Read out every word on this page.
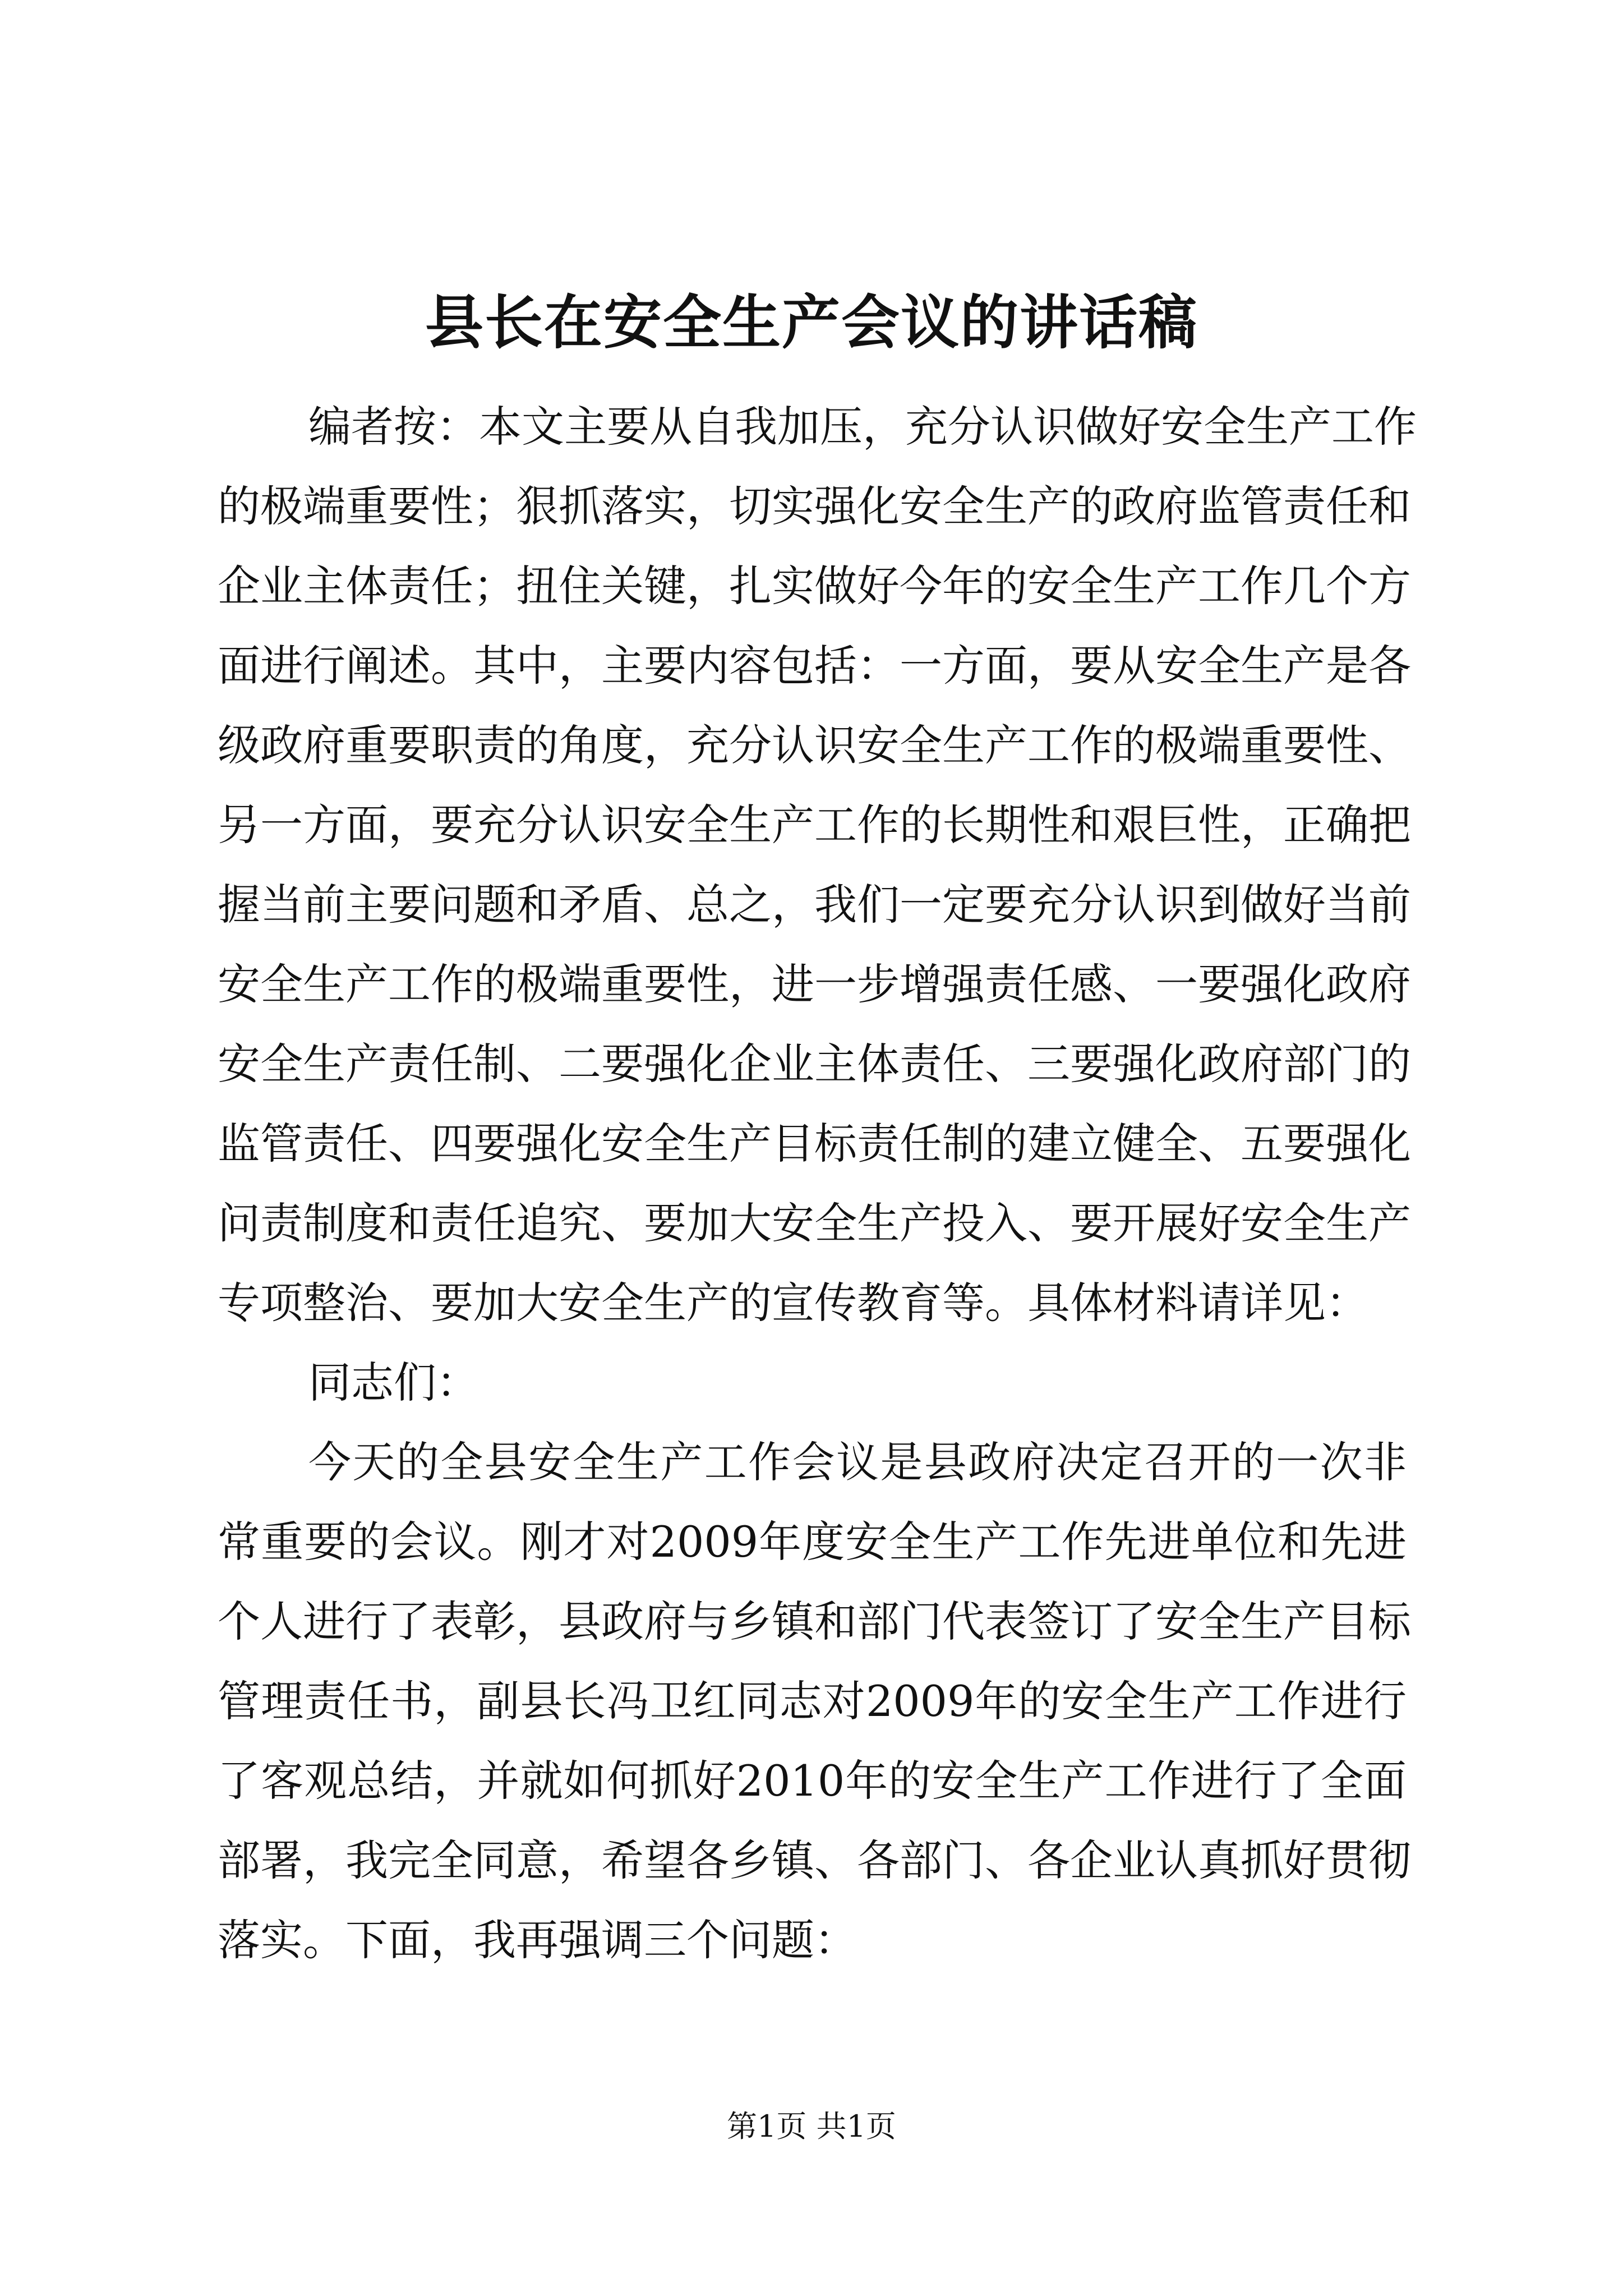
县长在安全生产会议的讲话稿
编者按：本文主要从自我加压，充分认识做好安全生产工作
的极端重要性；狠抓落实，切实强化安全生产的政府监管责任和
企业主体责任；扭住关键，扎实做好今年的安全生产工作几个方
面进行阐述。其中，主要内容包括：一方面，要从安全生产是各
级政府重要职责的角度，充分认识安全生产工作的极端重要性、
另一方面，要充分认识安全生产工作的长期性和艰巨性，正确把
握当前主要问题和矛盾、总之，我们一定要充分认识到做好当前
安全生产工作的极端重要性，进一步增强责任感、一要强化政府
安全生产责任制、二要强化企业主体责任、三要强化政府部门的
监管责任、四要强化安全生产目标责任制的建立健全、五要强化
问责制度和责任追究、要加大安全生产投入、要开展好安全生产
专项整治、要加大安全生产的宣传教育等。具体材料请详见：
同志们：
今天的全县安全生产工作会议是县政府决定召开的一次非
常重要的会议。刚才对2009年度安全生产工作先进单位和先进
个人进行了表彰，县政府与乡镇和部门代表签订了安全生产目标
管理责任书，副县长冯卫红同志对2009年的安全生产工作进行
了客观总结，并就如何抓好2010年的安全生产工作进行了全面
部署，我完全同意，希望各乡镇、各部门、各企业认真抓好贯彻
落实。下面，我再强调三个问题：
第1页 共1页
